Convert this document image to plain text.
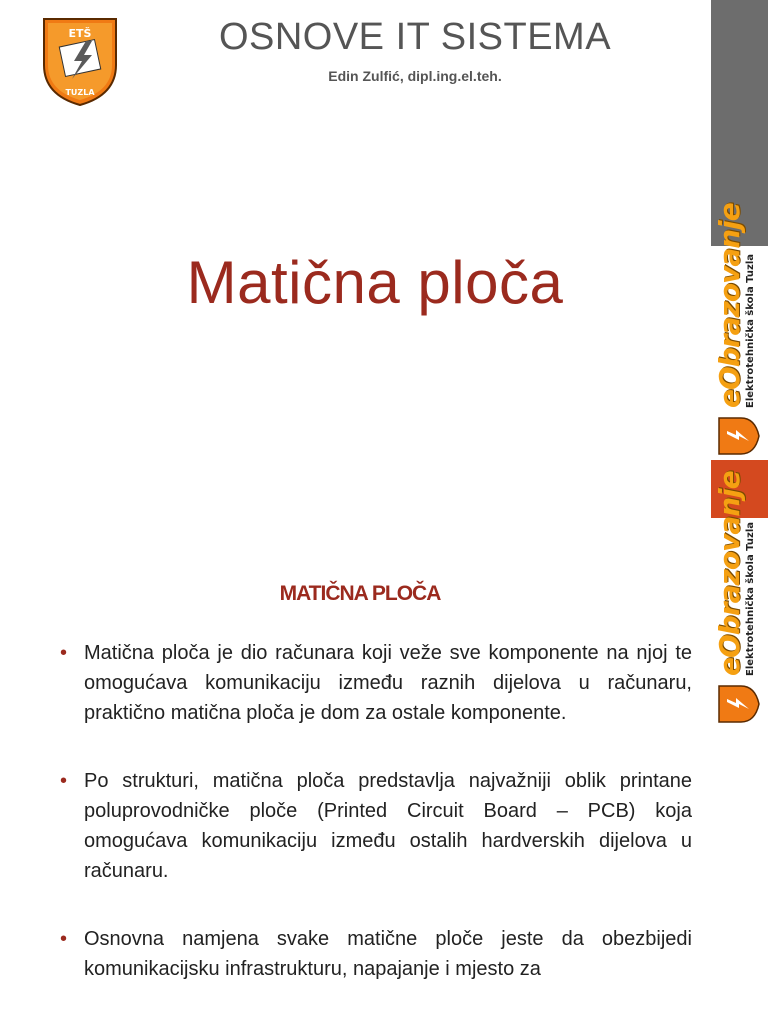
ETŠ
TUZLA
OSNOVE IT SISTEMA
Edin Zulfić, dipl.ing.el.teh.
Matična ploča	eObrazovanje Elektrotehnička škola Tuzla
MATIČNA PLOČA
• Matična ploča je dio računara koji veže sve komponente na njoj te omogućava komunikaciju između raznih dijelova u računaru, praktično matična ploča je dom za ostale komponente.
• Po strukturi, matična ploča predstavlja najvažniji oblik printane poluprovodničke ploče (Printed Circuit Board – PCB) koja omogućava komunikaciju između ostalih hardverskih dijelova u računaru.
• Osnovna namjena svake matične ploče jeste da obezbijedi komunikacijsku infrastrukturu, napajanje i mjesto za
eObrazovanje Elektrotehnička škola Tuzla
